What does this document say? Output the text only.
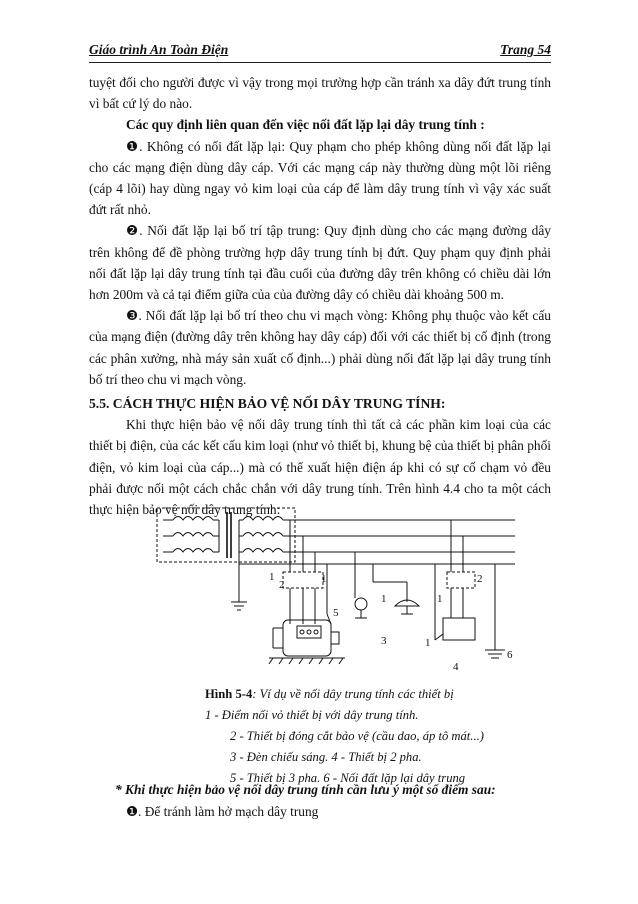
Giáo trình An Toàn Điện	Trang 54

tuyệt đối cho người được vì vậy trong mọi trường hợp cần tránh xa dây đứt trung tính vì bất cứ lý do nào.

Các quy định liên quan đến việc nối đất lặp lại dây trung tính :

❶. Không có nối đất lặp lại: Quy phạm cho phép không dùng nối đất lặp lại cho các mạng điện dùng dây cáp. Với các mạng cáp này thường dùng một lõi riêng (cáp 4 lõi) hay dùng ngay vỏ kim loại của cáp để làm dây trung tính vì vậy xác suất đứt rất nhỏ.

❷. Nối đất lặp lại bố trí tập trung: Quy định dùng cho các mạng đường dây trên không để đề phòng trường hợp dây trung tính bị đứt. Quy phạm quy định phải nối đất lặp lại dây trung tính tại đầu cuối của đường dây trên không có chiều dài lớn hơn 200m và cả tại điểm giữa của của đường dây có chiều dài khoảng 500 m.

❸. Nối đất lặp lại bố trí theo chu vi mạch vòng: Không phụ thuộc vào kết cấu của mạng điện (đường dây trên không hay dây cáp) đối với các thiết bị cố định (trong các phân xưởng, nhà máy sản xuất cố định...) phải dùng nối đất lặp lại dây trung tính bố trí theo chu vi mạch vòng.

5.5. CÁCH THỰC HIỆN BẢO VỆ NỐI DÂY TRUNG TÍNH:

Khi thực hiện bảo vệ nối dây trung tính thì tất cả các phần kim loại của các thiết bị điện, của các kết cấu kim loại (như vỏ thiết bị, khung bệ của thiết bị phân phối điện, vỏ kim loại của cáp...) mà có thể xuất hiện điện áp khi có sự cố chạm vỏ đều phải được nối một cách chắc chắn với dây trung tính. Trên hình 4.4 cho ta một cách thực hiện bảo vệ nối dây trung tính:

1
2	1
5
1	1
2
3	1
4
6

Hình 5-4: Ví dụ về nối dây trung tính các thiết bị

1 - Điểm nối vỏ thiết bị với dây trung tính.

2 - Thiết bị đóng cắt bảo vệ (cầu dao, áp tô mát...)

3 - Đèn chiếu sáng. 4 - Thiết bị 2 pha.

5 - Thiết bị 3 pha. 6 - Nối đất lặp lại dây trung

* Khi thực hiện bảo vệ nối dây trung tính cần lưu ý một số điểm sau:
❶. Để tránh làm hở mạch dây trung
